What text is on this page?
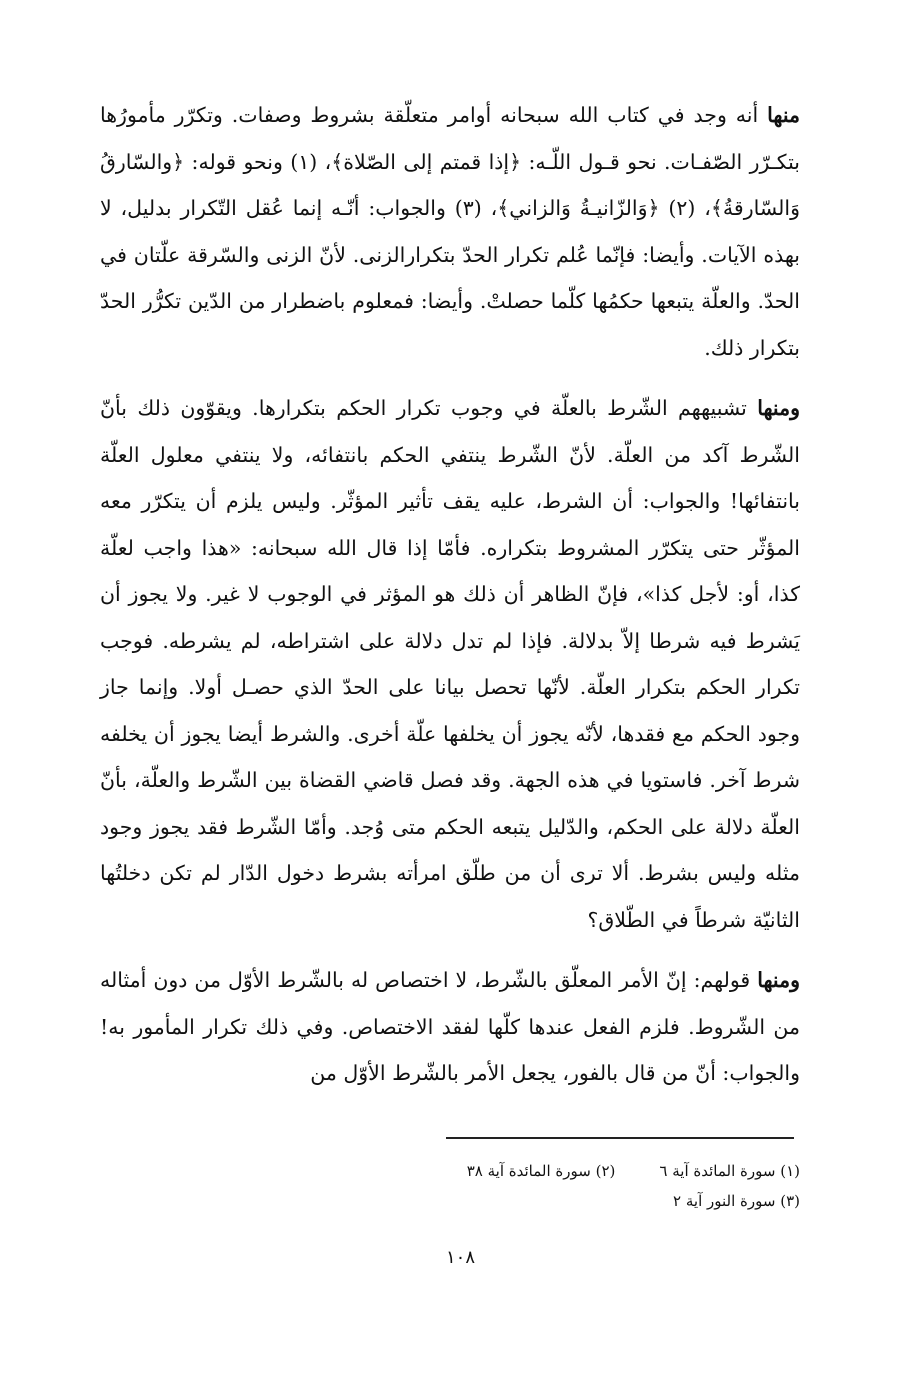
منها أنه وجد في كتاب الله سبحانه أوامر متعلّقة بشروط وصفات. وتكرّر مأمورُها بتكـرّر الصّفـات. نحو قـول اللّـه: ﴿إذا قمتم إلى الصّلاة﴾، (١) ونحو قوله: ﴿والسّارقُ وَالسّارقةُ﴾، (٢) ﴿وَالزّانيـةُ وَالزاني﴾، (٣) والجواب: أنّـه إنما عُقل التّكرار بدليل، لا بهذه الآيات. وأيضا: فإنّما عُلم تكرار الحدّ بتكرارالزنى. لأنّ الزنى والسّرقة علّتان في الحدّ. والعلّة يتبعها حكمُها كلّما حصلتْ. وأيضا: فمعلوم باضطرار من الدّين تكرُّر الحدّ بتكرار ذلك.

ومنها تشبيههم الشّرط بالعلّة في وجوب تكرار الحكم بتكرارها. ويقوّون ذلك بأنّ الشّرط آكد من العلّة. لأنّ الشّرط ينتفي الحكم بانتفائه، ولا ينتفي معلول العلّة بانتفائها! والجواب: أن الشرط، عليه يقف تأثير المؤثّر. وليس يلزم أن يتكرّر معه المؤثّر حتى يتكرّر المشروط بتكراره. فأمّا إذا قال الله سبحانه: «هذا واجب لعلّة كذا، أو: لأجل كذا»، فإنّ الظاهر أن ذلك هو المؤثر في الوجوب لا غير. ولا يجوز أن يَشرط فيه شرطا إلاّ بدلالة. فإذا لم تدل دلالة على اشتراطه، لم يشرطه. فوجب تكرار الحكم بتكرار العلّة. لأنّها تحصل بيانا على الحدّ الذي حصـل أولا. وإنما جاز وجود الحكم مع فقدها، لأنّه يجوز أن يخلفها علّة أخرى. والشرط أيضا يجوز أن يخلفه شرط آخر. فاستويا في هذه الجهة. وقد فصل قاضي القضاة بين الشّرط والعلّة، بأنّ العلّة دلالة على الحكم، والدّليل يتبعه الحكم متى وُجد. وأمّا الشّرط فقد يجوز وجود مثله وليس بشرط. ألا ترى أن من طلّق امرأته بشرط دخول الدّار لم تكن دخلتُها الثانيّة شرطاً في الطّلاق؟

ومنها قولهم: إنّ الأمر المعلّق بالشّرط، لا اختصاص له بالشّرط الأوّل من دون أمثاله من الشّروط. فلزم الفعل عندها كلّها لفقد الاختصاص. وفي ذلك تكرار المأمور به! والجواب: أنّ من قال بالفور، يجعل الأمر بالشّرط الأوّل من

(١) سورة المائدة آية ٦
(٢) سورة المائدة آية ٣٨
(٣) سورة النور آية ٢
١٠٨
